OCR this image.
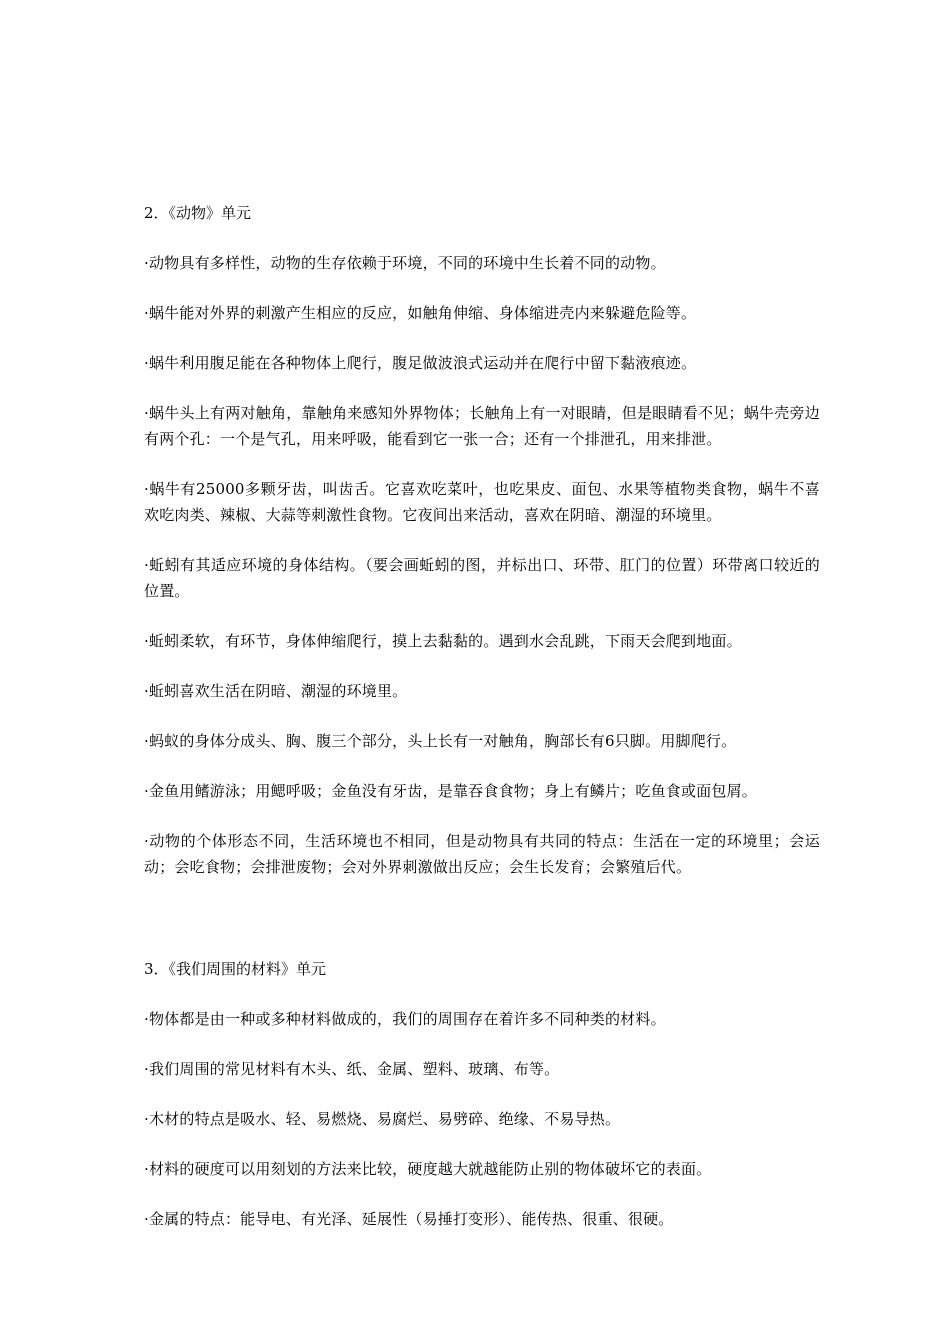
2．《动物》单元

·动物具有多样性，动物的生存依赖于环境，不同的环境中生长着不同的动物。

·蜗牛能对外界的刺激产生相应的反应，如触角伸缩、身体缩进壳内来躲避危险等。

·蜗牛利用腹足能在各种物体上爬行，腹足做波浪式运动并在爬行中留下黏液痕迹。

·蜗牛头上有两对触角，靠触角来感知外界物体；长触角上有一对眼睛，但是眼睛看不见；蜗牛壳旁边有两个孔：一个是气孔，用来呼吸，能看到它一张一合；还有一个排泄孔，用来排泄。

·蜗牛有25000多颗牙齿，叫齿舌。它喜欢吃菜叶，也吃果皮、面包、水果等植物类食物，蜗牛不喜欢吃肉类、辣椒、大蒜等刺激性食物。它夜间出来活动，喜欢在阴暗、潮湿的环境里。

·蚯蚓有其适应环境的身体结构。（要会画蚯蚓的图，并标出口、环带、肛门的位置）环带离口较近的位置。

·蚯蚓柔软，有环节，身体伸缩爬行，摸上去黏黏的。遇到水会乱跳，下雨天会爬到地面。

·蚯蚓喜欢生活在阴暗、潮湿的环境里。

·蚂蚁的身体分成头、胸、腹三个部分，头上长有一对触角，胸部长有6只脚。用脚爬行。

·金鱼用鳍游泳；用鳃呼吸；金鱼没有牙齿，是靠吞食食物；身上有鳞片；吃鱼食或面包屑。

·动物的个体形态不同，生活环境也不相同，但是动物具有共同的特点：生活在一定的环境里；会运动；会吃食物；会排泄废物；会对外界刺激做出反应；会生长发育；会繁殖后代。

3．《我们周围的材料》单元

·物体都是由一种或多种材料做成的，我们的周围存在着许多不同种类的材料。

·我们周围的常见材料有木头、纸、金属、塑料、玻璃、布等。

·木材的特点是吸水、轻、易燃烧、易腐烂、易劈碎、绝缘、不易导热。

·材料的硬度可以用刻划的方法来比较，硬度越大就越能防止别的物体破坏它的表面。

·金属的特点：能导电、有光泽、延展性（易捶打变形）、能传热、很重、很硬。
